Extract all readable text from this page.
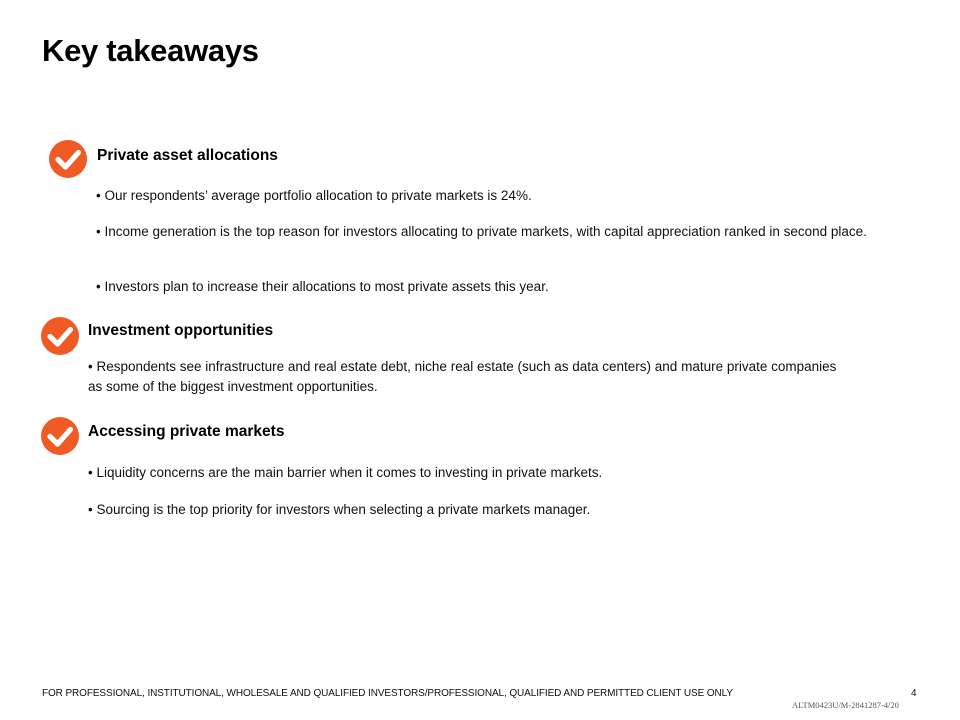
Key takeaways
Private asset allocations

• Our respondents’ average portfolio allocation to private markets is 24%.

• Income generation is the top reason for investors allocating to private markets, with capital appreciation ranked in second place.

• Investors plan to increase their allocations to most private assets this year.

Investment opportunities

• Respondents see infrastructure and real estate debt, niche real estate (such as data centers) and mature private companies as some of the biggest investment opportunities.

Accessing private markets

• Liquidity concerns are the main barrier when it comes to investing in private markets.

• Sourcing is the top priority for investors when selecting a private markets manager.

FOR PROFESSIONAL, INSTITUTIONAL, WHOLESALE AND QUALIFIED INVESTORS/PROFESSIONAL, QUALIFIED AND PERMITTED CLIENT USE ONLY	4
ALTM0423U/M-2841287-4/20
